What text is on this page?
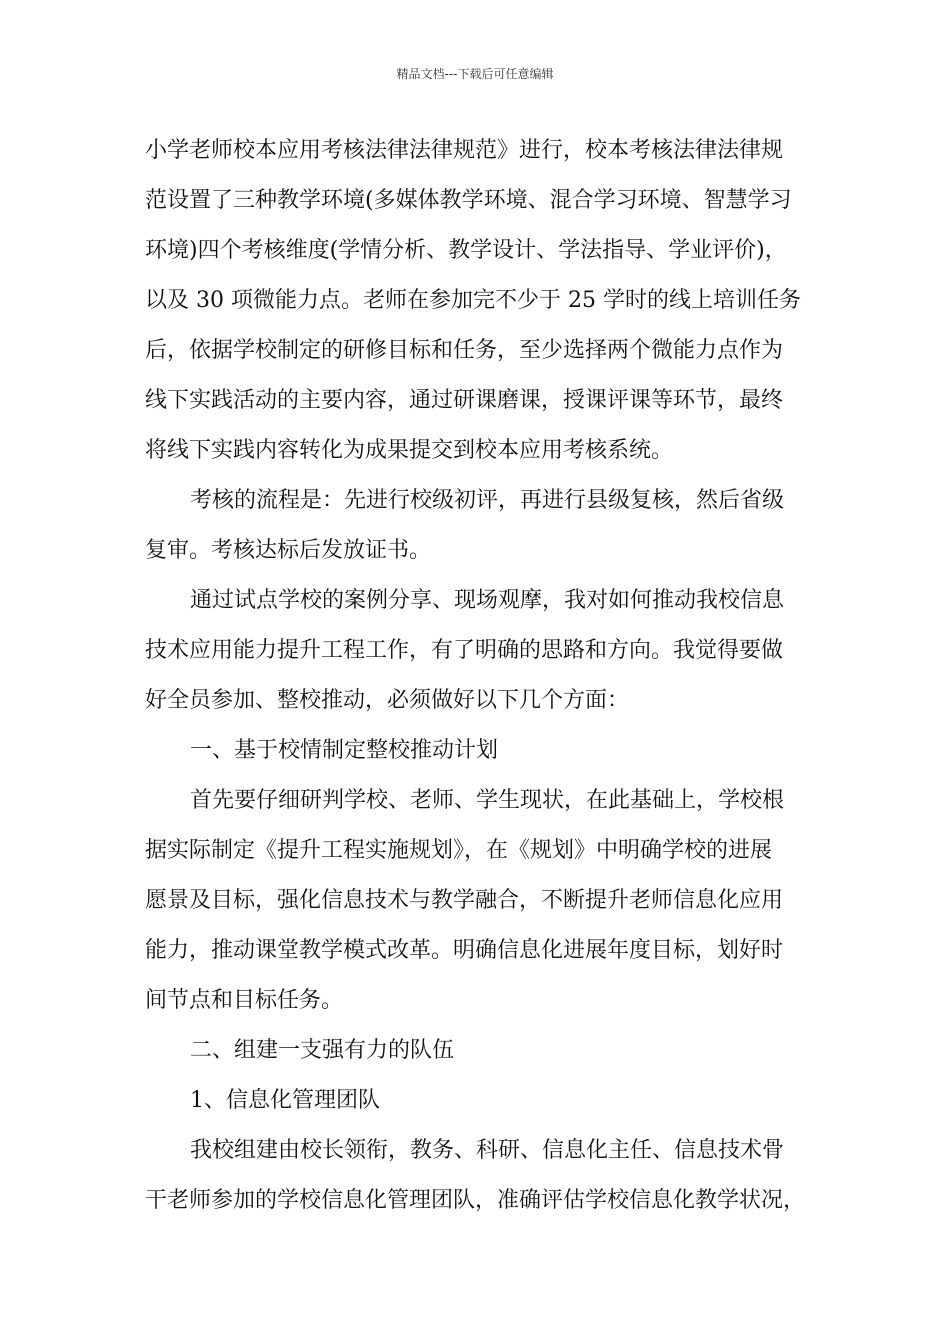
精品文档---下载后可任意编辑
小学老师校本应用考核法律法律规范》进行，校本考核法律法律规
范设置了三种教学环境(多媒体教学环境、混合学习环境、智慧学习
环境)四个考核维度(学情分析、教学设计、学法指导、学业评价)，
以及 30 项微能力点。老师在参加完不少于 25 学时的线上培训任务
后，依据学校制定的研修目标和任务，至少选择两个微能力点作为
线下实践活动的主要内容，通过研课磨课，授课评课等环节，最终
将线下实践内容转化为成果提交到校本应用考核系统。
考核的流程是：先进行校级初评，再进行县级复核，然后省级
复审。考核达标后发放证书。
通过试点学校的案例分享、现场观摩，我对如何推动我校信息
技术应用能力提升工程工作，有了明确的思路和方向。我觉得要做
好全员参加、整校推动，必须做好以下几个方面：
一、基于校情制定整校推动计划
首先要仔细研判学校、老师、学生现状，在此基础上，学校根
据实际制定《提升工程实施规划》，在《规划》中明确学校的进展
愿景及目标，强化信息技术与教学融合，不断提升老师信息化应用
能力，推动课堂教学模式改革。明确信息化进展年度目标，划好时
间节点和目标任务。
二、组建一支强有力的队伍
1、信息化管理团队
我校组建由校长领衔，教务、科研、信息化主任、信息技术骨
干老师参加的学校信息化管理团队，准确评估学校信息化教学状况，
